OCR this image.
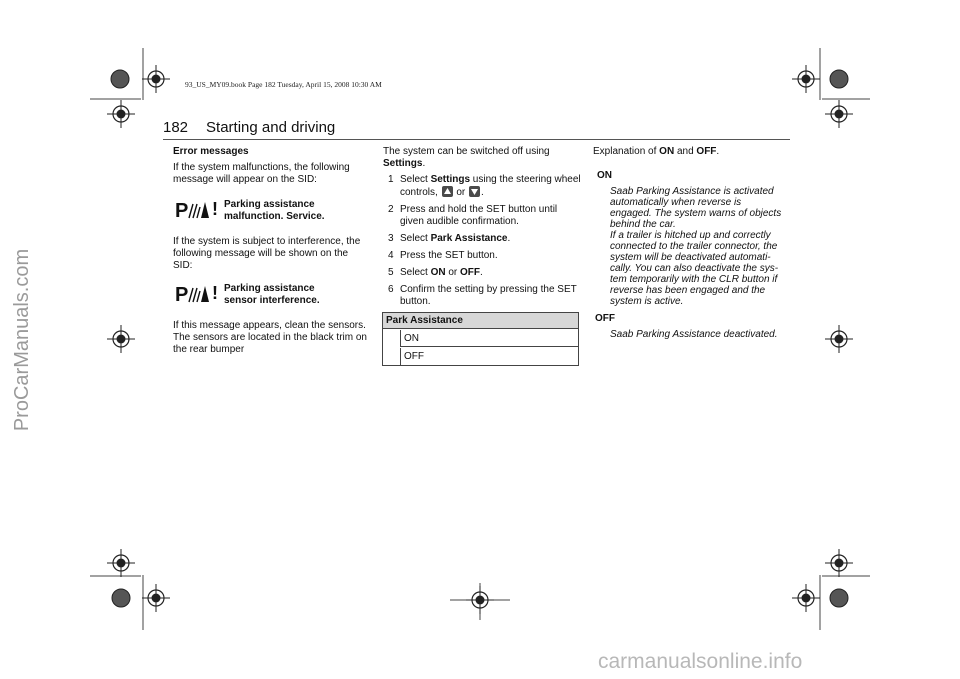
ProCarManuals.com
carmanualsonline.info
93_US_MY09.book Page 182 Tuesday, April 15, 2008 10:30 AM
182 Starting and driving

Error messages

If the system malfunctions, the following message will appear on the SID:

P ! Parking assistance
malfunction. Service.
If the system is subject to interference, the following message will be shown on the SID:
P ! Parking assistance
sensor interference.
If this message appears, clean the sensors. The sensors are located in the black trim on the rear bumper

The system can be switched off using
Settings.

1 Select Settings using the steering wheel controls,
or
.
2 Press and hold the SET button until given audible confirmation.
3 Select Park Assistance.
4 Press the SET button.
5 Select ON or OFF.
6 Confirm the setting by pressing the SET button.
Park Assistance
ON
OFF

Explanation of ON and OFF.

ON
Saab Parking Assistance is activated
automatically when reverse is
engaged. The system warns of objects
behind the car.
If a trailer is hitched up and correctly
connected to the trailer connector, the
system will be deactivated automati-
cally. You can also deactivate the sys-
tem temporarily with the CLR button if
reverse has been engaged and the
system is active.
OFF
Saab Parking Assistance deactivated.
